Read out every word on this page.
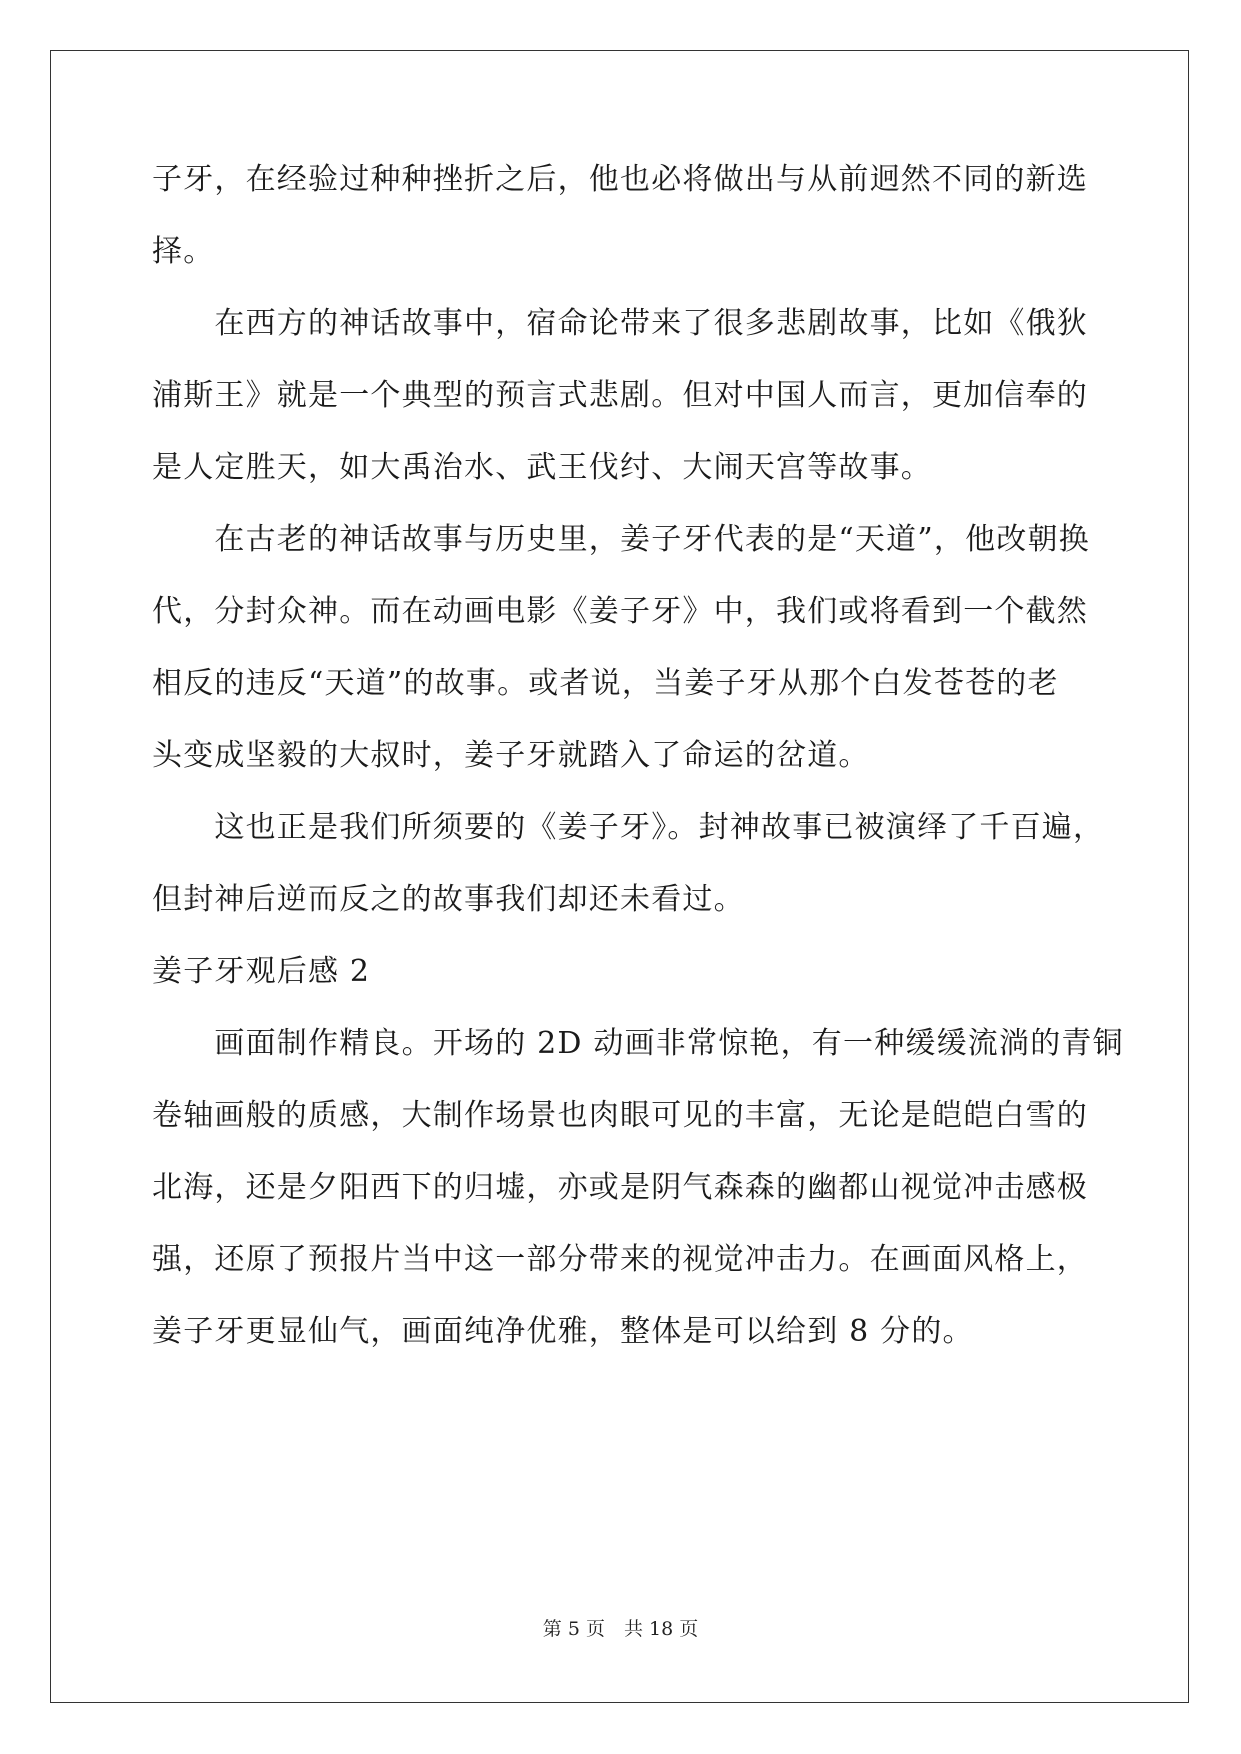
子牙，在经验过种种挫折之后，他也必将做出与从前迥然不同的新选
择。
　　在西方的神话故事中，宿命论带来了很多悲剧故事，比如《俄狄
浦斯王》就是一个典型的预言式悲剧。但对中国人而言，更加信奉的
是人定胜天，如大禹治水、武王伐纣、大闹天宫等故事。
　　在古老的神话故事与历史里，姜子牙代表的是“天道”，他改朝换
代，分封众神。而在动画电影《姜子牙》中，我们或将看到一个截然
相反的违反“天道”的故事。或者说，当姜子牙从那个白发苍苍的老
头变成坚毅的大叔时，姜子牙就踏入了命运的岔道。
　　这也正是我们所须要的《姜子牙》。封神故事已被演绎了千百遍，
但封神后逆而反之的故事我们却还未看过。
姜子牙观后感 2
　　画面制作精良。开场的 2D 动画非常惊艳，有一种缓缓流淌的青铜
卷轴画般的质感，大制作场景也肉眼可见的丰富，无论是皑皑白雪的
北海，还是夕阳西下的归墟，亦或是阴气森森的幽都山视觉冲击感极
强，还原了预报片当中这一部分带来的视觉冲击力。在画面风格上，
姜子牙更显仙气，画面纯净优雅，整体是可以给到 8 分的。
第 5 页　共 18 页
